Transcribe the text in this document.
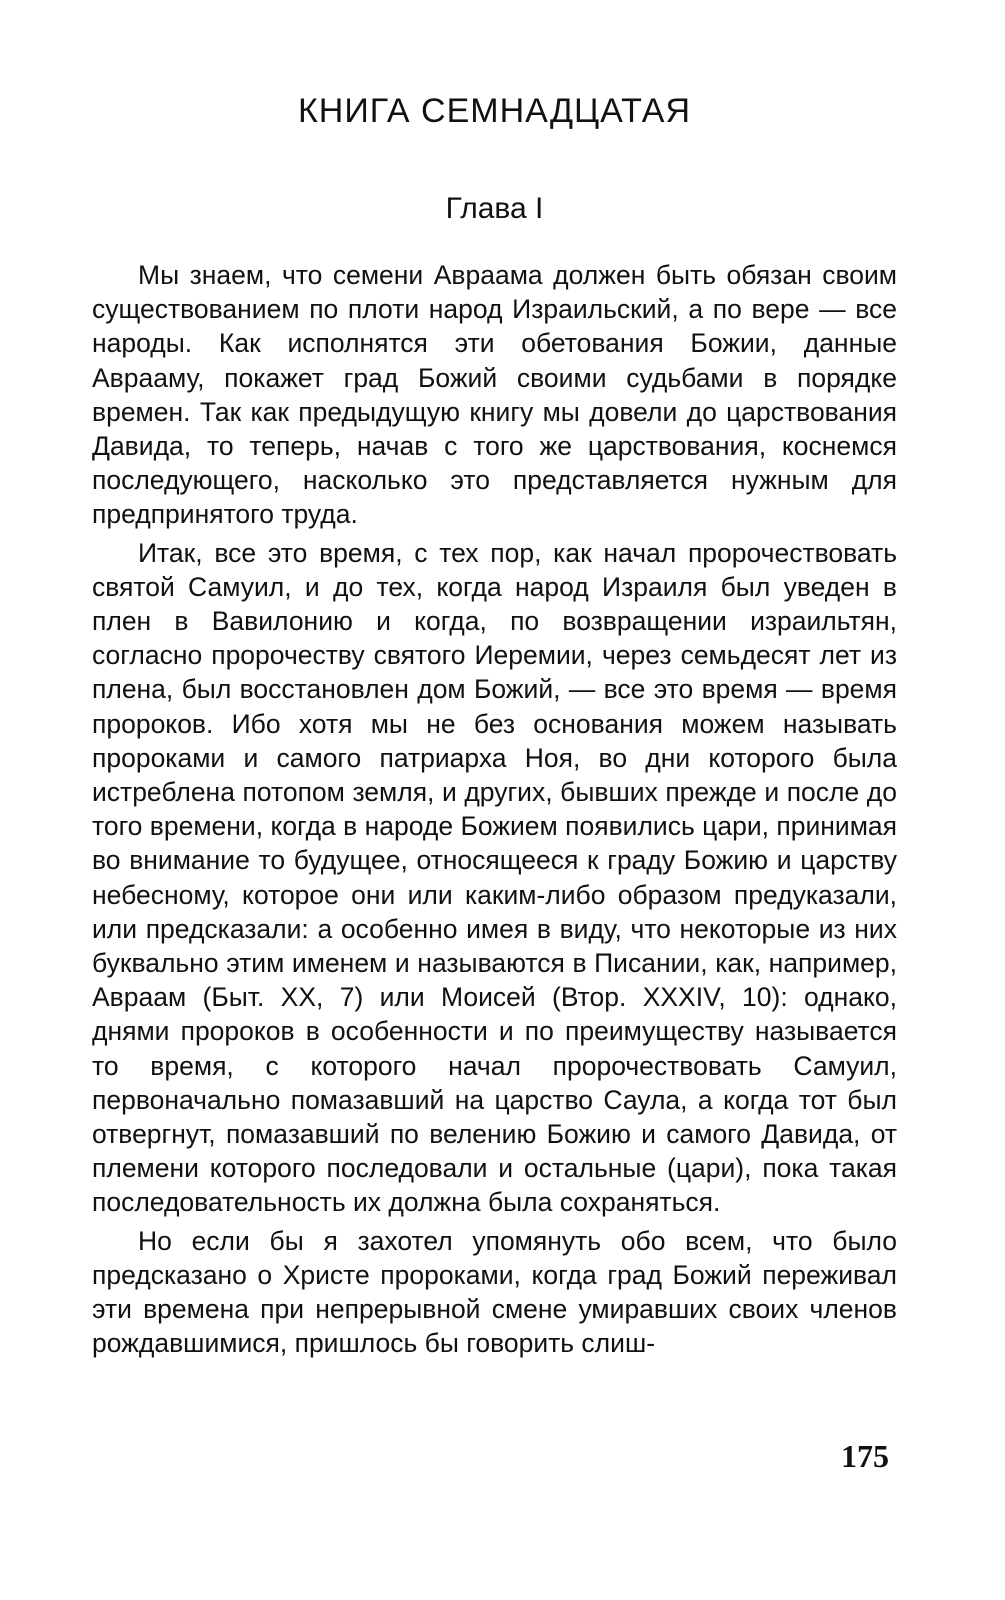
КНИГА СЕМНАДЦАТАЯ
Глава I

Мы знаем, что семени Авраама должен быть обязан своим существованием по плоти народ Израильский, а по вере — все народы. Как исполнятся эти обетования Божии, данные Аврааму, покажет град Божий своими судьбами в порядке времен. Так как предыдущую книгу мы довели до царствования Давида, то теперь, начав с того же царствования, коснемся последующего, насколько это представляется нужным для предпринятого труда.

Итак, все это время, с тех пор, как начал пророчествовать святой Самуил, и до тех, когда народ Израиля был уведен в плен в Вавилонию и когда, по возвращении израильтян, согласно пророчеству святого Иеремии, через семьдесят лет из плена, был восстановлен дом Божий, — все это время — время пророков. Ибо хотя мы не без основания можем называть пророками и самого патриарха Ноя, во дни которого была истреблена потопом земля, и других, бывших прежде и после до того времени, когда в народе Божием появились цари, принимая во внимание то будущее, относящееся к граду Божию и царству небесному, которое они или каким-либо образом предуказали, или предсказали: а особенно имея в виду, что некоторые из них буквально этим именем и называются в Писании, как, например, Авраам (Быт. XX, 7) или Моисей (Втор. XXXIV, 10): однако, днями пророков в особенности и по преимуществу называется то время, с которого начал пророчествовать Самуил, первоначально помазавший на царство Саула, а когда тот был отвергнут, помазавший по велению Божию и самого Давида, от племени которого последовали и остальные (цари), пока такая последовательность их должна была сохраняться.

Но если бы я захотел упомянуть обо всем, что было предсказано о Христе пророками, когда град Божий переживал эти времена при непрерывной смене умиравших своих членов рождавшимися, пришлось бы говорить слиш-

175
